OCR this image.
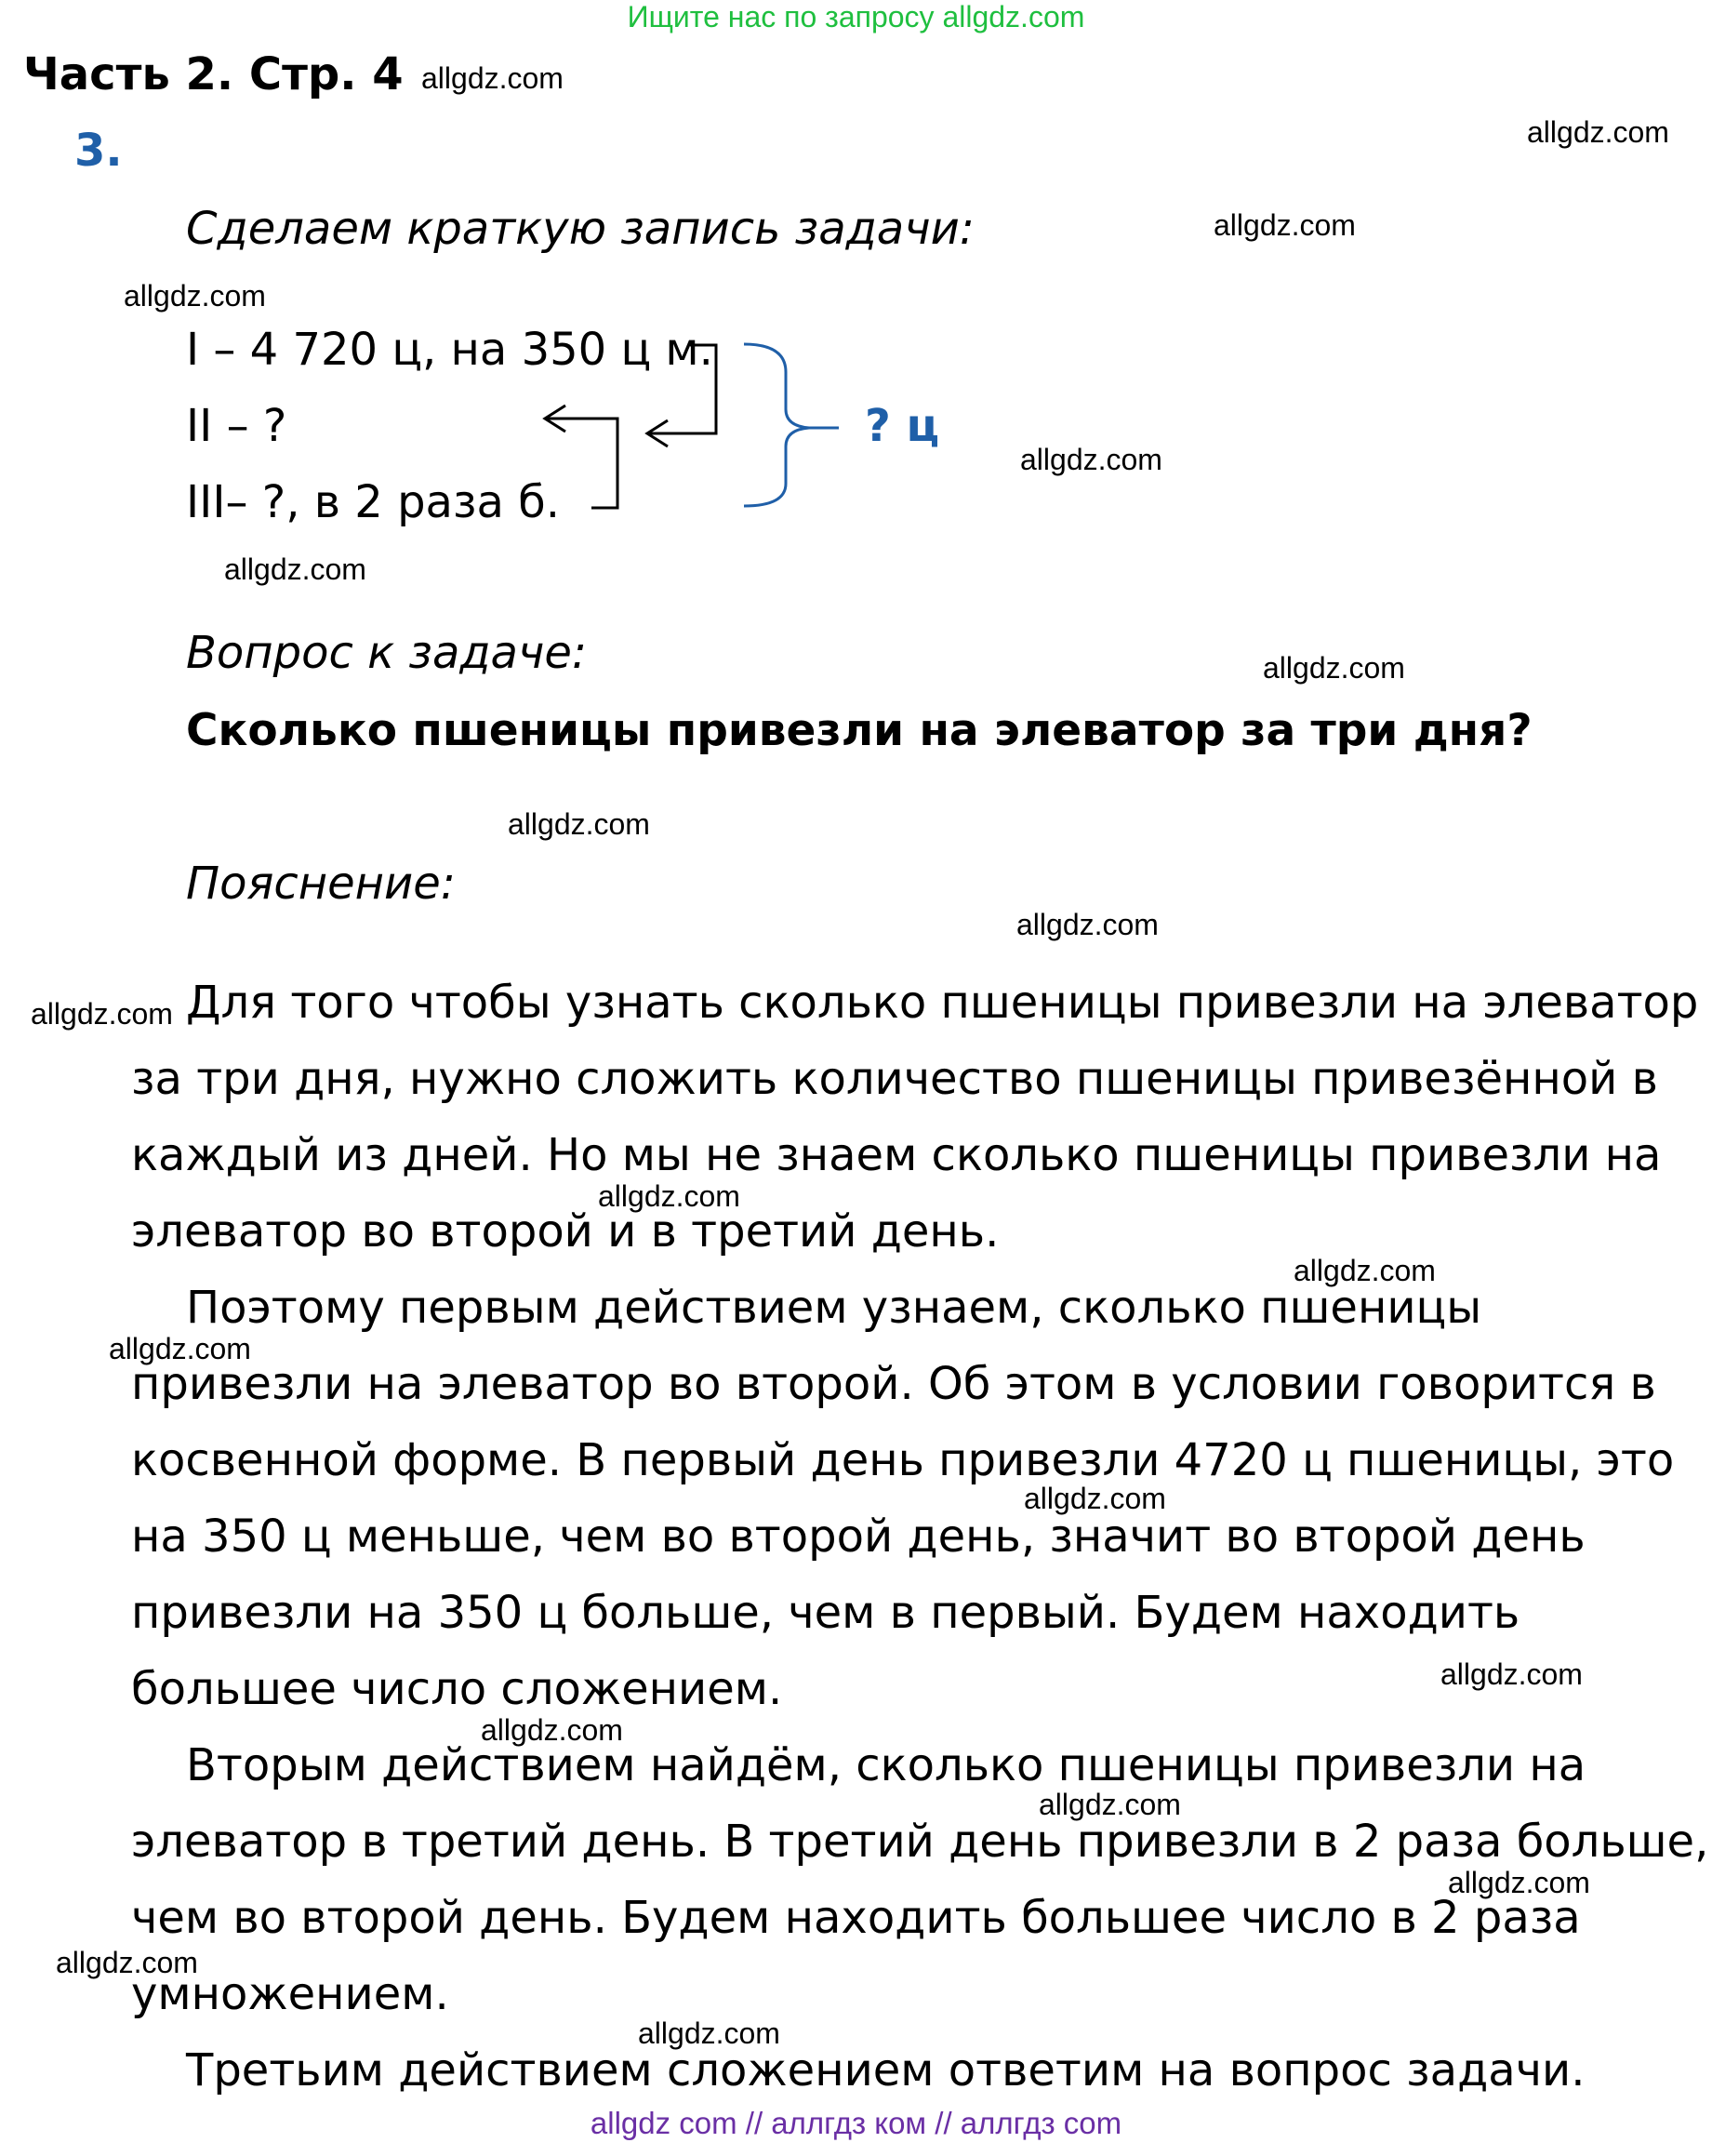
Ищите нас по запросу allgdz.com
Часть 2. Стр. 4
3.
Сделаем краткую запись задачи:
I – 4 720 ц, на 350 ц м.
II – ?
III– ?, в 2 раза б.
? ц
Вопрос к задаче:
Сколько пшеницы привезли на элеватор за три дня?
Пояснение:
Для того чтобы узнать сколько пшеницы привезли на элеватор
за три дня, нужно сложить количество пшеницы привезённой в
каждый из дней. Но мы не знаем сколько пшеницы привезли на
элеватор во второй и в третий день.
Поэтому первым действием узнаем, сколько пшеницы
привезли на элеватор во второй. Об этом в условии говорится в
косвенной форме. В первый день привезли 4720 ц пшеницы, это
на 350 ц меньше, чем во второй день, значит во второй день
привезли на 350 ц больше, чем в первый. Будем находить
большее число сложением.
Вторым действием найдём, сколько пшеницы привезли на
элеватор в третий день. В третий день привезли в 2 раза больше,
чем во второй день. Будем находить большее число в 2 раза
умножением.
Третьим действием сложением ответим на вопрос задачи.
allgdz.com
allgdz.com
allgdz.com
allgdz.com
allgdz.com
allgdz.com
allgdz.com
allgdz.com
allgdz.com
allgdz.com
allgdz.com
allgdz.com
allgdz.com
allgdz.com
allgdz.com
allgdz.com
allgdz.com
allgdz.com
allgdz.com
allgdz.com
allgdz com // аллгдз ком // аллгдз com
